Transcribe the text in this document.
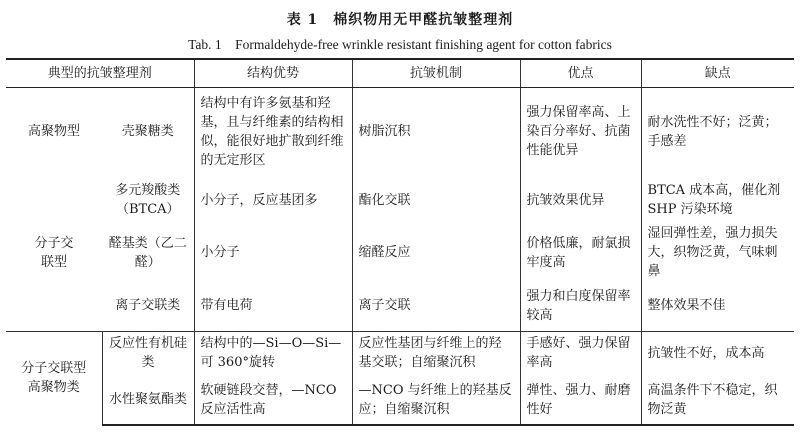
表 1　棉织物用无甲醛抗皱整理剂
Tab. 1　Formaldehyde-free wrinkle resistant finishing agent for cotton fabrics
典型的抗皱整理剂		结构优势	抗皱机制	优点	缺点
高聚物型	壳聚糖类	结构中有许多氨基和羟基，且与纤维素的结构相似，能很好地扩散到纤维的无定形区	树脂沉积	强力保留率高、上染百分率好、抗菌性能优异	耐水洗性不好；泛黄；手感差
分子交联型	多元羧酸类（BTCA）	小分子，反应基团多	酯化交联	抗皱效果优异	BTCA 成本高，催化剂 SHP 污染环境
	醛基类（乙二醛）	小分子	缩醛反应	价格低廉，耐氯损牢度高	湿回弹性差，强力损失大，织物泛黄，气味刺鼻
	离子交联类	带有电荷	离子交联	强力和白度保留率较高	整体效果不佳
分子交联型高聚物类	反应性有机硅类	结构中的—Si—O—Si—可 360°旋转	反应性基团与纤维上的羟基交联；自缩聚沉积	手感好、强力保留率高	抗皱性不好，成本高
	水性聚氨酯类	软硬链段交替，—NCO 反应活性高	—NCO 与纤维上的羟基反应；自缩聚沉积	弹性、强力、耐磨性好	高温条件下不稳定，织物泛黄
